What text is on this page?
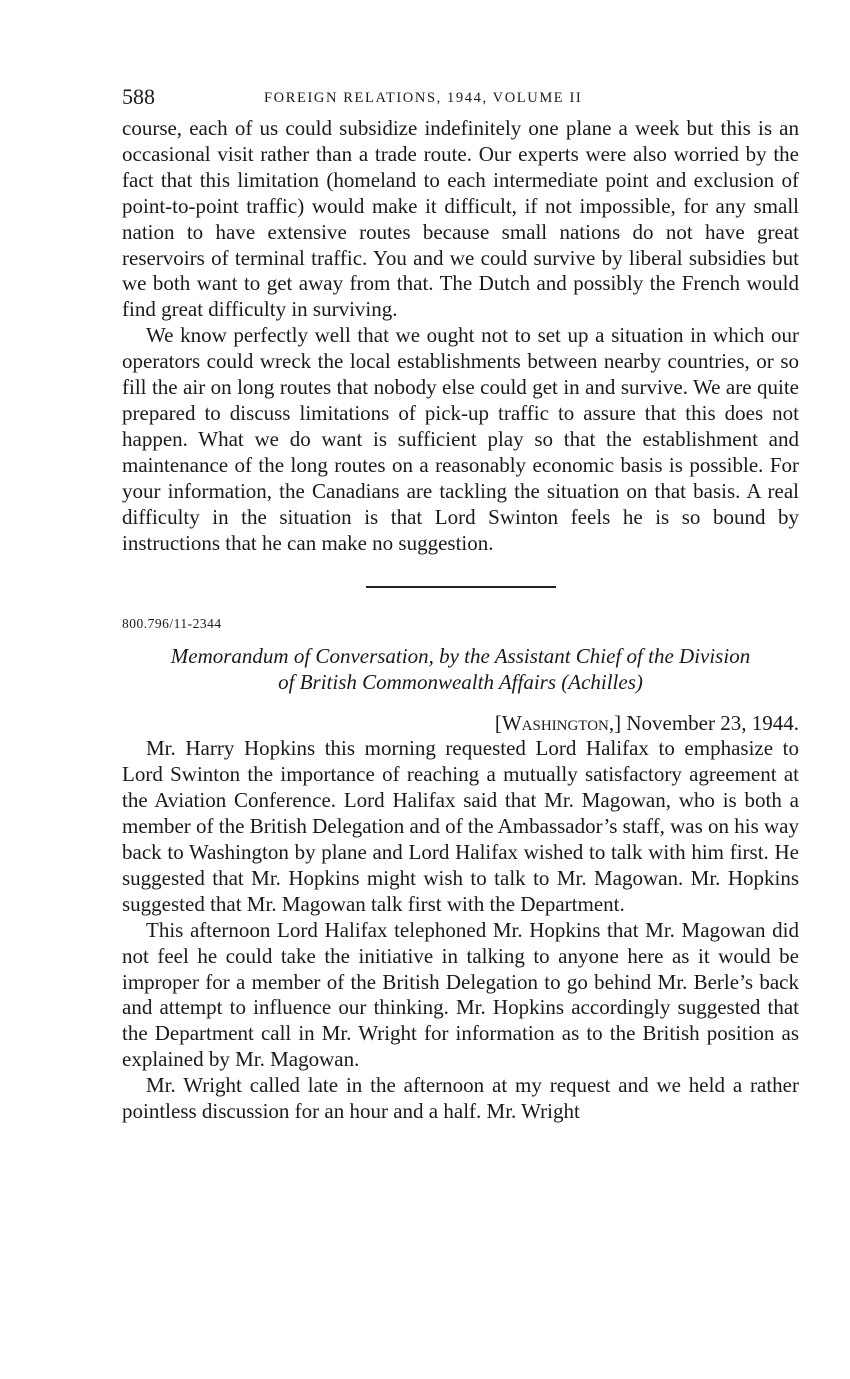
588	FOREIGN RELATIONS, 1944, VOLUME II

course, each of us could subsidize indefinitely one plane a week but this is an occasional visit rather than a trade route. Our experts were also worried by the fact that this limitation (homeland to each intermediate point and exclusion of point-to-point traffic) would make it difficult, if not impossible, for any small nation to have extensive routes because small nations do not have great reservoirs of terminal traffic. You and we could survive by liberal subsidies but we both want to get away from that. The Dutch and possibly the French would find great difficulty in surviving.

We know perfectly well that we ought not to set up a situation in which our operators could wreck the local establishments between nearby countries, or so fill the air on long routes that nobody else could get in and survive. We are quite prepared to discuss limitations of pick-up traffic to assure that this does not happen. What we do want is sufficient play so that the establishment and maintenance of the long routes on a reasonably economic basis is possible. For your information, the Canadians are tackling the situation on that basis. A real difficulty in the situation is that Lord Swinton feels he is so bound by instructions that he can make no suggestion.

800.796/11-2344
Memorandum of Conversation, by the Assistant Chief of the Division
of British Commonwealth Affairs (Achilles)
[Washington,] November 23, 1944.

Mr. Harry Hopkins this morning requested Lord Halifax to emphasize to Lord Swinton the importance of reaching a mutually satisfactory agreement at the Aviation Conference. Lord Halifax said that Mr. Magowan, who is both a member of the British Delegation and of the Ambassador’s staff, was on his way back to Washington by plane and Lord Halifax wished to talk with him first. He suggested that Mr. Hopkins might wish to talk to Mr. Magowan. Mr. Hopkins suggested that Mr. Magowan talk first with the Department.

This afternoon Lord Halifax telephoned Mr. Hopkins that Mr. Magowan did not feel he could take the initiative in talking to anyone here as it would be improper for a member of the British Delegation to go behind Mr. Berle’s back and attempt to influence our thinking. Mr. Hopkins accordingly suggested that the Department call in Mr. Wright for information as to the British position as explained by Mr. Magowan.

Mr. Wright called late in the afternoon at my request and we held a rather pointless discussion for an hour and a half. Mr. Wright
